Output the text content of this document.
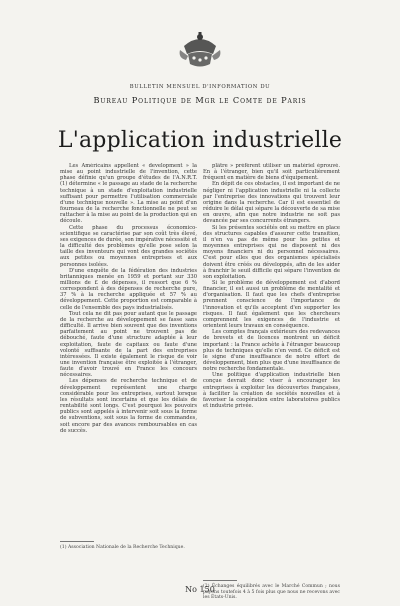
BULLETIN MENSUEL D'INFORMATION DU
Bureau Politique de Mgr le Comte de Paris
L'application industrielle

Les Américains appellent « development » la mise au point industrielle de l'invention, cette phase définie qu'un groupe d'études de l'A.N.R.T. (1) détermine « le passage au stade de la recherche technique à un stade d'exploitation industrielle suffisant pour permettre l'utilisation commerciale d'une technique nouvelle ». La mise au point d'un fourneau de la recherche fonctionnelle ne peut se rattacher à la mise au point de la production qui en découle.

Cette phase du processus économico-scientifique se caractérise par son coût très élevé, ses exigences de durée, son impérative nécessité et la difficulté des problèmes qu'elle pose selon la taille des inventeurs qui vont des grandes sociétés aux petites ou moyennes entreprises et aux personnes isolées.

D'une enquête de la fédération des industries britanniques menée en 1959 et portant sur 330 millions de £ de dépenses, il ressort que 6 % correspondent à des dépenses de recherche pure, 37 % à la recherche appliquée et 57 % au développement. Cette proportion est comparable à celle de l'ensemble des pays industrialisés.

Tout cela ne dit pas pour autant que le passage de la recherche au développement se fasse sans difficulté. Il arrive bien souvent que des inventions parfaitement au point ne trouvent pas de débouché, faute d'une structure adaptée à leur exploitation, faute de capitaux ou faute d'une volonté suffisante de la part des entreprises intéressées. Il existe également le risque de voir une invention française être exploitée à l'étranger, faute d'avoir trouvé en France les concours nécessaires.

Les dépenses de recherche technique et de développement représentent une charge considérable pour les entreprises, surtout lorsque les résultats sont incertains et que les délais de rentabilité sont longs. C'est pourquoi les pouvoirs publics sont appelés à intervenir soit sous la forme de subventions, soit sous la forme de commandes, soit encore par des avances remboursables en cas de succès.

plâtre » préfèrent utiliser un matériel éprouvé. En à l'étranger, bien qu'il soit particulièrement fréquent en matière de biens d'équipement.

En dépit de ces obstacles, il est important de ne négliger ni l'application industrielle ni la collecte par l'entreprise des innovations qui trouvent leur origine dans la recherche. Car il est essentiel de réduire le délai qui sépare la découverte de sa mise en œuvre, afin que notre industrie ne soit pas devancée par ses concurrents étrangers.

Si les présentes sociétés ont su mettre en place des structures capables d'assurer cette transition, il n'en va pas de même pour les petites et moyennes entreprises qui ne disposent ni des moyens financiers ni du personnel nécessaires. C'est pour elles que des organismes spécialisés doivent être créés ou développés, afin de les aider à franchir le seuil difficile qui sépare l'invention de son exploitation.

Si le problème de développement est d'abord financier, il est aussi un problème de mentalité et d'organisation. Il faut que les chefs d'entreprise prennent conscience de l'importance de l'innovation et qu'ils acceptent d'en supporter les risques. Il faut également que les chercheurs comprennent les exigences de l'industrie et orientent leurs travaux en conséquence.

Les comptes français extérieurs des redevances de brevets et de licences montrent un déficit important : la France achète à l'étranger beaucoup plus de techniques qu'elle n'en vend. Ce déficit est le signe d'une insuffisance de notre effort de développement, bien plus que d'une insuffisance de notre recherche fondamentale.

Une politique d'application industrielle bien conçue devrait donc viser à encourager les entreprises à exploiter les découvertes françaises, à faciliter la création de sociétés nouvelles et à favoriser la coopération entre laboratoires publics et industrie privée.

(1) Association Nationale de la Recherche Technique.
(2) Échanges équilibrés avec le Marché Commun ; nous payons toutefois 4 à 5 fois plus que nous ne recevons avec les États-Unis.
No 150
